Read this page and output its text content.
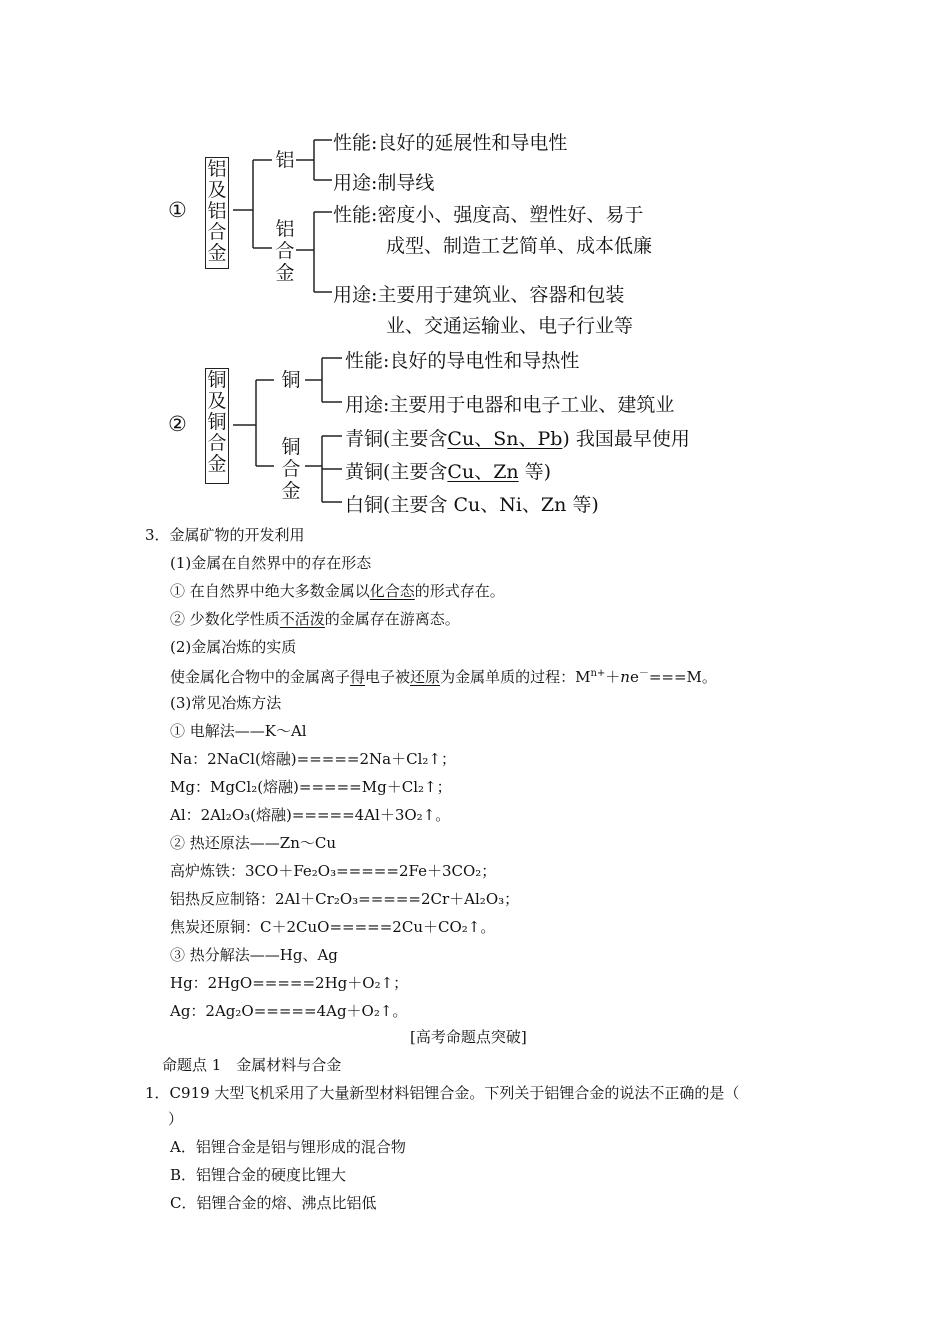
①
铝及铝合金
铝
铝合金
性能:良好的延展性和导电性
用途:制导线
性能:密度小、强度高、塑性好、易于
成型、制造工艺简单、成本低廉
用途:主要用于建筑业、容器和包装
业、交通运输业、电子行业等
②
铜及铜合金
铜
铜合金
性能:良好的导电性和导热性
用途:主要用于电器和电子工业、建筑业
青铜(主要含Cu、Sn、Pb) 我国最早使用
黄铜(主要含Cu、Zn 等)
白铜(主要含 Cu、Ni、Zn 等)
3．金属矿物的开发利用
(1)金属在自然界中的存在形态
① 在自然界中绝大多数金属以化合态的形式存在。
② 少数化学性质不活泼的金属存在游离态。
(2)金属冶炼的实质
使金属化合物中的金属离子得电子被还原为金属单质的过程：$M^{n+}+ne^-===M$。
(3)常见冶炼方法
① 电解法——K～Al
Na：2NaCl(熔融)=====2Na＋Cl₂↑；
Mg：MgCl₂(熔融)=====Mg＋Cl₂↑；
Al：2Al₂O₃(熔融)=====4Al＋3O₂↑。
② 热还原法——Zn～Cu
高炉炼铁：3CO＋Fe₂O₃=====2Fe＋3CO₂；
铝热反应制铬：2Al＋Cr₂O₃=====2Cr＋Al₂O₃；
焦炭还原铜：C＋2CuO=====2Cu＋CO₂↑。
③ 热分解法——Hg、Ag
Hg：2HgO=====2Hg＋O₂↑；
Ag：2Ag₂O=====4Ag＋O₂↑。
[高考命题点突破]
命题点 1　金属材料与合金
1．C919 大型飞机采用了大量新型材料铝锂合金。下列关于铝锂合金的说法不正确的是（
）
A．铝锂合金是铝与锂形成的混合物
B．铝锂合金的硬度比锂大
C．铝锂合金的熔、沸点比铝低
